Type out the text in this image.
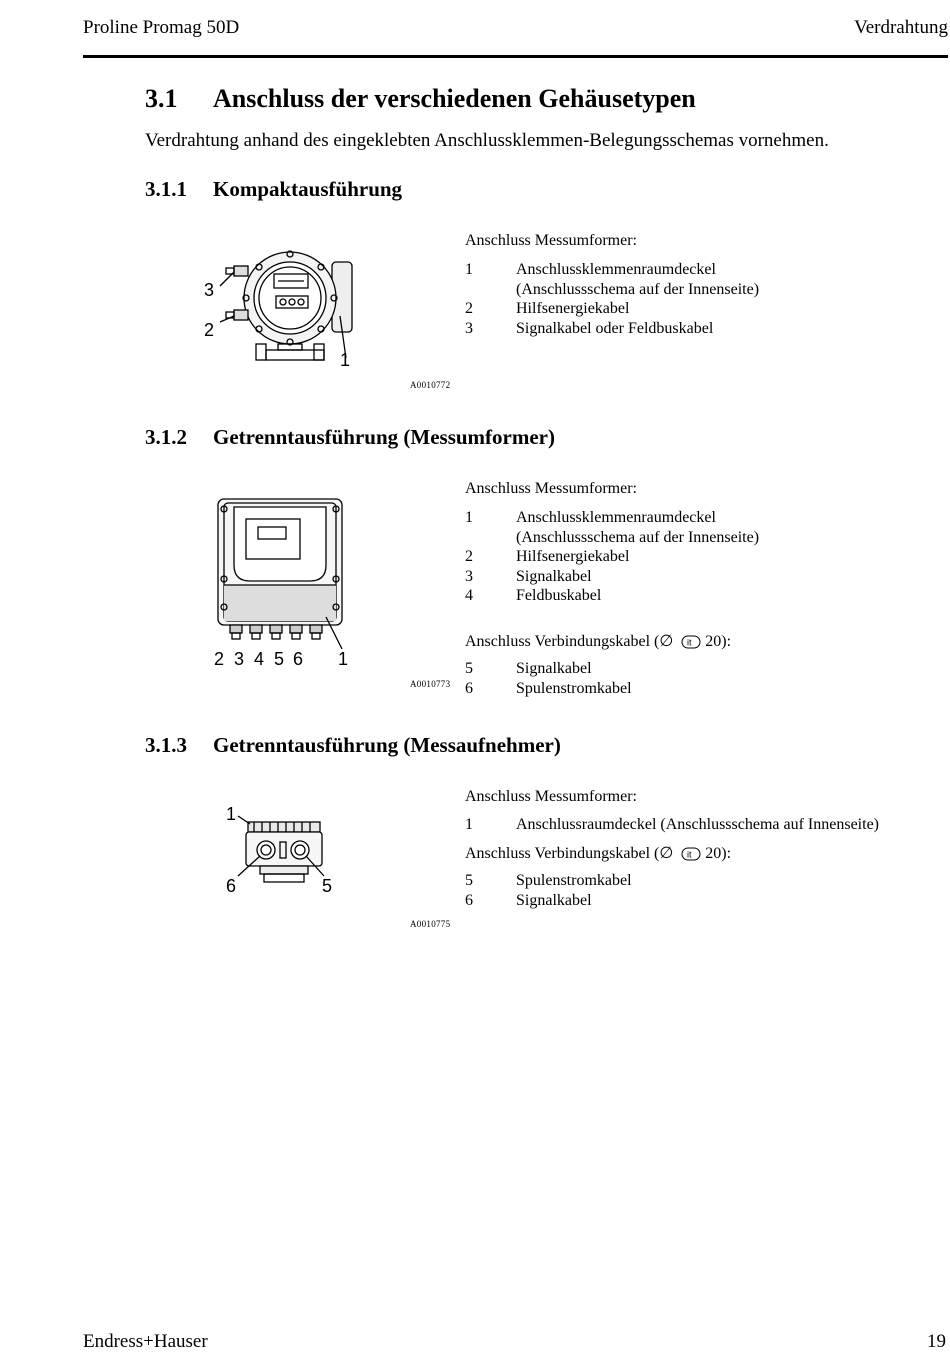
Proline Promag 50D	Verdrahtung
3.1 Anschluss der verschiedenen Gehäusetypen
Verdrahtung anhand des eingeklebten Anschlussklemmen-Belegungsschemas vornehmen.
3.1.1 Kompaktausführung
3
2
1
A0010772
Anschluss Messumformer:
1	Anschlussklemmenraumdeckel
(Anschlussschema auf der Innenseite)
2	Hilfsenergiekabel
3	Signalkabel oder Feldbuskabel
3.1.2 Getrenntausführung (Messumformer)
2 3 4 5 6 1
A0010773
Anschluss Messumformer:
1	Anschlussklemmenraumdeckel
(Anschlussschema auf der Innenseite)
2	Hilfsenergiekabel
3	Signalkabel
4	Feldbuskabel
Anschluss Verbindungskabel (∅ it 20):
5	Signalkabel
6	Spulenstromkabel
3.1.3 Getrenntausführung (Messaufnehmer)
1
6	5
A0010775
Anschluss Messumformer:
1	Anschlussraumdeckel (Anschlussschema auf Innenseite)
Anschluss Verbindungskabel (∅ it 20):
5	Spulenstromkabel
6	Signalkabel
Endress+Hauser	19
